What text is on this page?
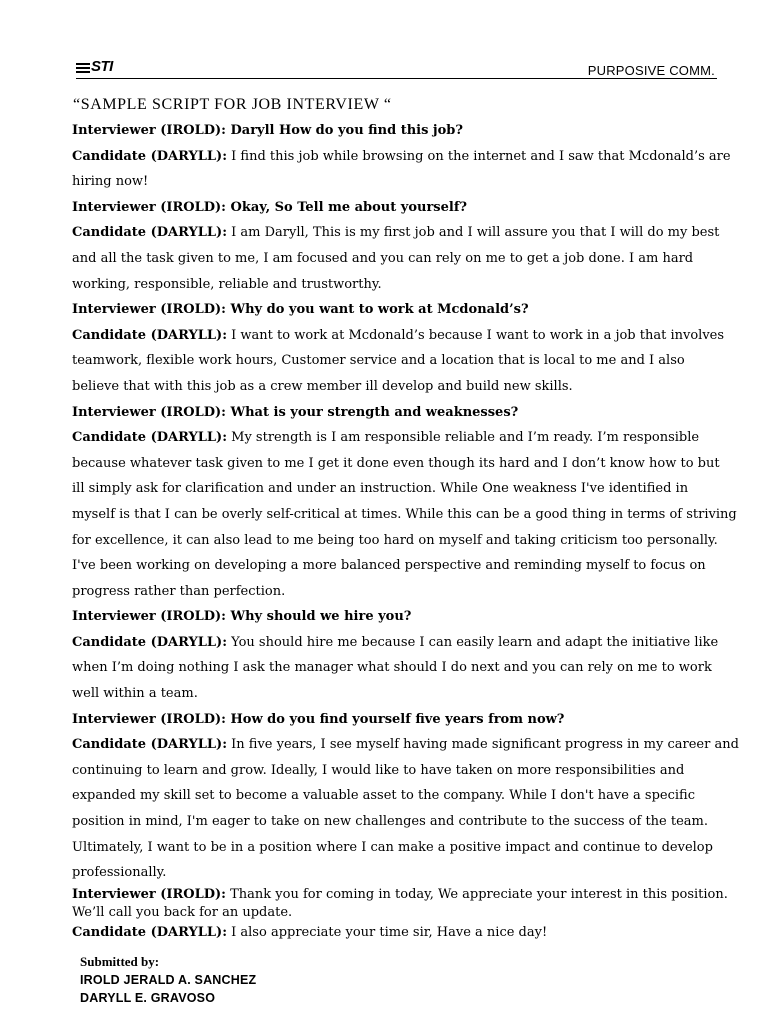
STI	PURPOSIVE COMM.
“SAMPLE SCRIPT FOR JOB INTERVIEW “

Interviewer (IROLD): Daryll How do you find this job?

Candidate (DARYLL): I find this job while browsing on the internet and I saw that Mcdonald’s are

hiring now!

Interviewer (IROLD): Okay, So Tell me about yourself?

Candidate (DARYLL): I am Daryll, This is my first job and I will assure you that I will do my best

and all the task given to me, I am focused and you can rely on me to get a job done. I am hard

working, responsible, reliable and trustworthy.

Interviewer (IROLD): Why do you want to work at Mcdonald’s?

Candidate (DARYLL): I want to work at Mcdonald’s because I want to work in a job that involves

teamwork, flexible work hours, Customer service and a location that is local to me and I also

believe that with this job as a crew member ill develop and build new skills.

Interviewer (IROLD): What is your strength and weaknesses?

Candidate (DARYLL): My strength is I am responsible reliable and I’m ready. I’m responsible

because whatever task given to me I get it done even though its hard and I don’t know how to but

ill simply ask for clarification and under an instruction. While One weakness I've identified in

myself is that I can be overly self-critical at times. While this can be a good thing in terms of striving

for excellence, it can also lead to me being too hard on myself and taking criticism too personally.

I've been working on developing a more balanced perspective and reminding myself to focus on

progress rather than perfection.

Interviewer (IROLD): Why should we hire you?

Candidate (DARYLL): You should hire me because I can easily learn and adapt the initiative like

when I’m doing nothing I ask the manager what should I do next and you can rely on me to work

well within a team.

Interviewer (IROLD): How do you find yourself five years from now?

Candidate (DARYLL): In five years, I see myself having made significant progress in my career and

continuing to learn and grow. Ideally, I would like to have taken on more responsibilities and

expanded my skill set to become a valuable asset to the company. While I don't have a specific

position in mind, I'm eager to take on new challenges and contribute to the success of the team.

Ultimately, I want to be in a position where I can make a positive impact and continue to develop

professionally.

Interviewer (IROLD): Thank you for coming in today, We appreciate your interest in this position.

We’ll call you back for an update.

Candidate (DARYLL): I also appreciate your time sir, Have a nice day!

Submitted by:

IROLD JERALD A. SANCHEZ

DARYLL E. GRAVOSO
